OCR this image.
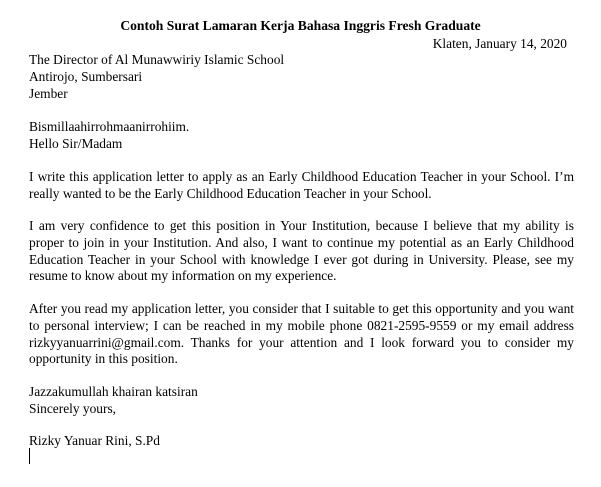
Contoh Surat Lamaran Kerja Bahasa Inggris Fresh Graduate
Klaten, January 14, 2020
The Director of Al Munawwiriy Islamic School
Antirojo, Sumbersari
Jember
Bismillaahirrohmaanirrohiim.
Hello Sir/Madam
I write this application letter to apply as an Early Childhood Education Teacher in your School. I’m really wanted to be the Early Childhood Education Teacher in your School.
I am very confidence to get this position in Your Institution, because I believe that my ability is proper to join in your Institution. And also, I want to continue my potential as an Early Childhood Education Teacher in your School with knowledge I ever got during in University. Please, see my resume to know about my information on my experience.
After you read my application letter, you consider that I suitable to get this opportunity and you want to personal interview; I can be reached in my mobile phone 0821-2595-9559 or my email address rizkyyanuarrini@gmail.com. Thanks for your attention and I look forward you to consider my opportunity in this position.
Jazzakumullah khairan katsiran
Sincerely yours,
Rizky Yanuar Rini, S.Pd
